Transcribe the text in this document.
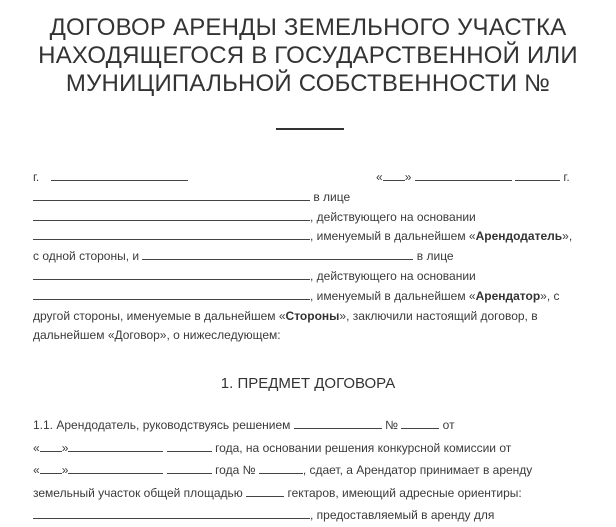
ДОГОВОР АРЕНДЫ ЗЕМЕЛЬНОГО УЧАСТКА
НАХОДЯЩЕГОСЯ В ГОСУДАРСТВЕННОЙ ИЛИ
МУНИЦИПАЛЬНОЙ СОБСТВЕННОСТИ №
г.	« »	г.
в лице
, действующего на основании
, именуемый в дальнейшем «Арендодатель»,
с одной стороны, и	в лице
, действующего на основании
, именуемый в дальнейшем «Арендатор», с
другой стороны, именуемые в дальнейшем «Стороны», заключили настоящий договор, в
дальнейшем «Договор», о нижеследующем:
1. ПРЕДМЕТ ДОГОВОРА
1.1. Арендодатель, руководствуясь решением	№	от
« »	года, на основании решения конкурсной комиссии от
« »	года №	, сдает, а Арендатор принимает в аренду
земельный участок общей площадью	гектаров, имеющий адресные ориентиры:
, предоставляемый в аренду для
